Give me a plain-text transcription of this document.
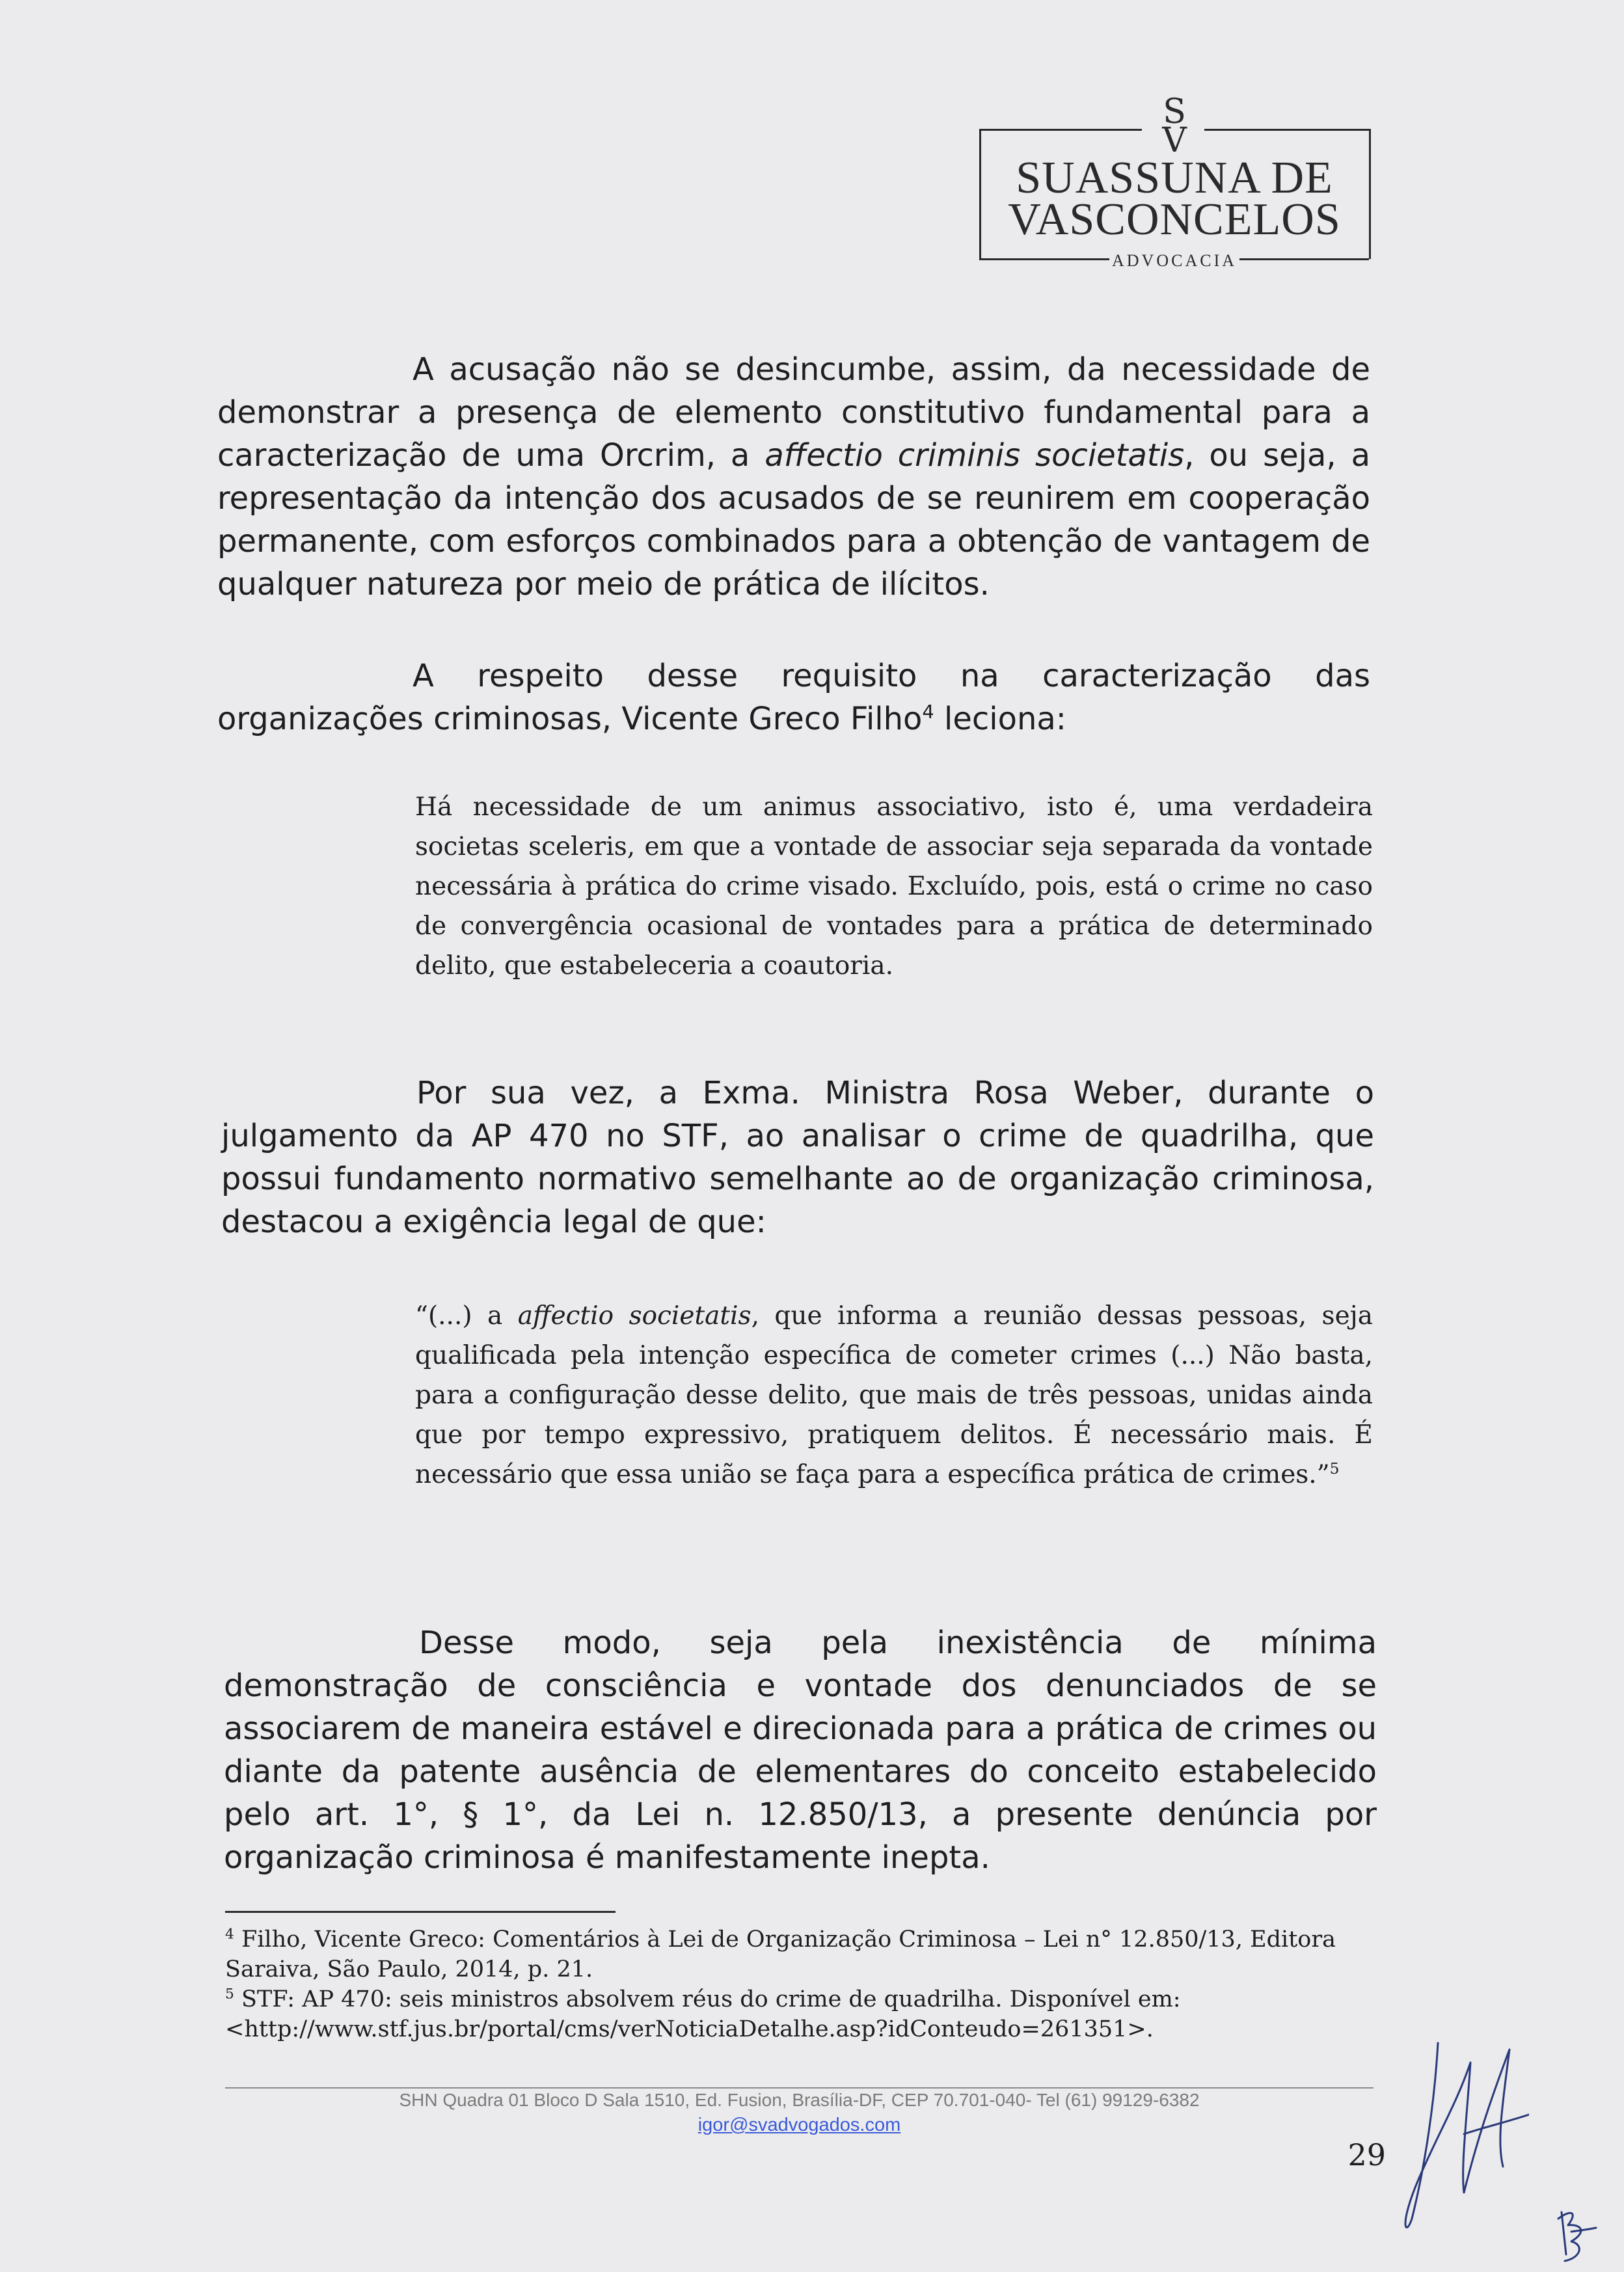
S
V
SUASSUNA DE
VASCONCELOS
ADVOCACIA

A acusação não se desincumbe, assim, da necessidade de demonstrar a presença de elemento constitutivo fundamental para a caracterização de uma Orcrim, a affectio criminis societatis, ou seja, a representação da intenção dos acusados de se reunirem em cooperação permanente, com esforços combinados para a obtenção de vantagem de qualquer natureza por meio de prática de ilícitos.

A respeito desse requisito na caracterização das organizações criminosas, Vicente Greco Filho$^4$ leciona:

Há necessidade de um animus associativo, isto é, uma verdadeira societas sceleris, em que a vontade de associar seja separada da vontade necessária à prática do crime visado. Excluído, pois, está o crime no caso de convergência ocasional de vontades para a prática de determinado delito, que estabeleceria a coautoria.

Por sua vez, a Exma. Ministra Rosa Weber, durante o julgamento da AP 470 no STF, ao analisar o crime de quadrilha, que possui fundamento normativo semelhante ao de organização criminosa, destacou a exigência legal de que:

“(...) a affectio societatis, que informa a reunião dessas pessoas, seja qualificada pela intenção específica de cometer crimes (...) Não basta, para a configuração desse delito, que mais de três pessoas, unidas ainda que por tempo expressivo, pratiquem delitos. É necessário mais. É necessário que essa união se faça para a específica prática de crimes.”$^5$

Desse modo, seja pela inexistência de mínima demonstração de consciência e vontade dos denunciados de se associarem de maneira estável e direcionada para a prática de crimes ou diante da patente ausência de elementares do conceito estabelecido pelo art. 1°, § 1°, da Lei n. 12.850/13, a presente denúncia por organização criminosa é manifestamente inepta.

$^4$ Filho, Vicente Greco: Comentários à Lei de Organização Criminosa – Lei n° 12.850/13, Editora Saraiva, São Paulo, 2014, p. 21.

$^5$ STF: AP 470: seis ministros absolvem réus do crime de quadrilha. Disponível em: <http://www.stf.jus.br/portal/cms/verNoticiaDetalhe.asp?idConteudo=261351>.

SHN Quadra 01 Bloco D Sala 1510, Ed. Fusion, Brasília-DF, CEP 70.701-040- Tel (61) 99129-6382
igor@svadvogados.com
29
